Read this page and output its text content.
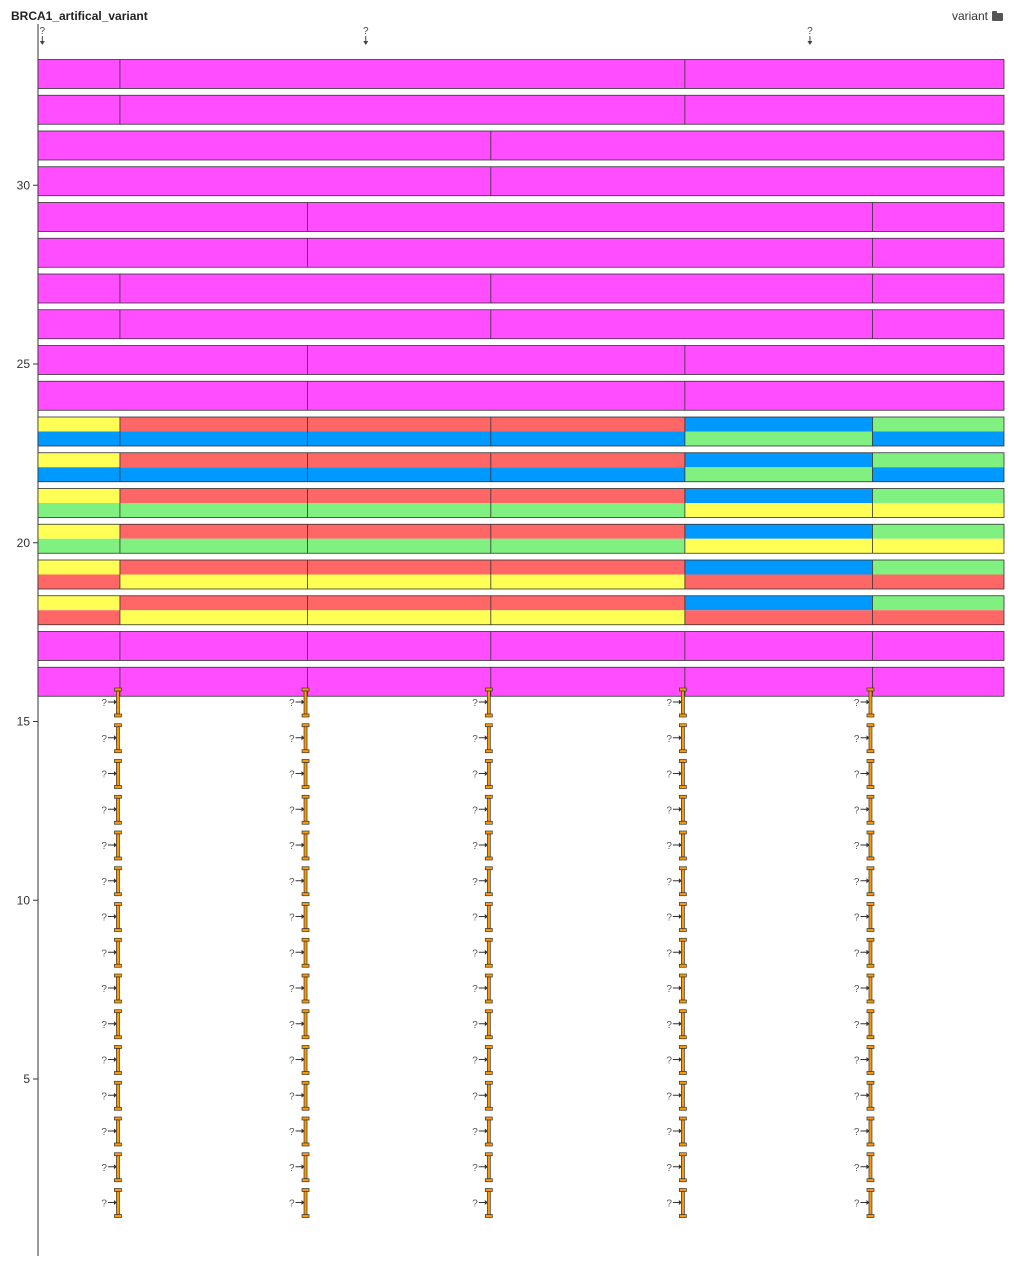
BRCA1_artifical_variant	variant
30
25
20
15
10
5
?	?	?
?	?	?	?	?
?	?	?	?	?
?	?	?	?	?
?	?	?	?	?
?	?	?	?	?
?	?	?	?	?
?	?	?	?	?
?	?	?	?	?
?	?	?	?	?
?	?	?	?	?
?	?	?	?	?
?	?	?	?	?
?	?	?	?	?
?	?	?	?	?
?	?	?	?	?
